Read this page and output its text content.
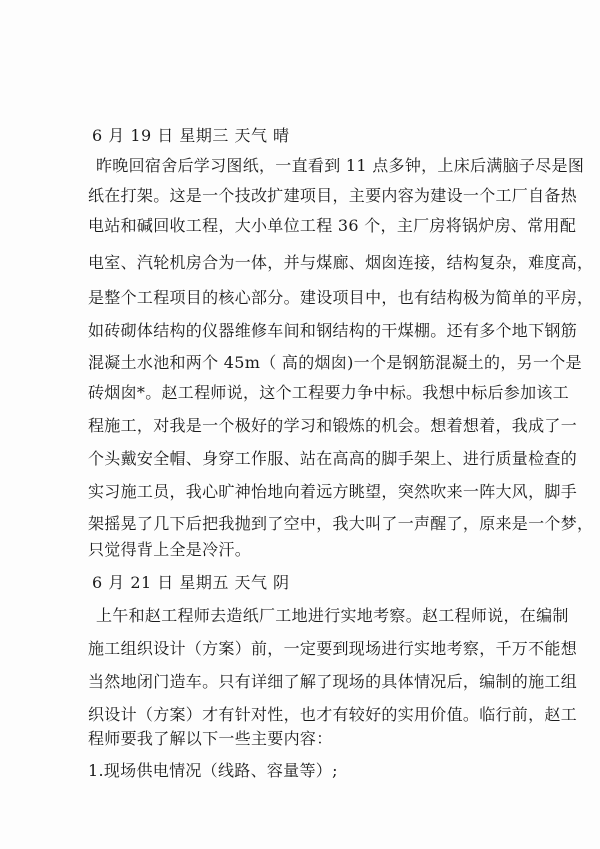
6 月 19 日 星期三 天气 晴
昨晚回宿舍后学习图纸，一直看到 11 点多钟，上床后满脑子尽是图
纸在打架。这是一个技改扩建项目，主要内容为建设一个工厂自备热
电站和碱回收工程，大小单位工程 36 个，主厂房将锅炉房、常用配
电室、汽轮机房合为一体，并与煤廊、烟囱连接，结构复杂，难度高，
是整个工程项目的核心部分。建设项目中，也有结构极为简单的平房，
如砖砌体结构的仪器维修车间和钢结构的干煤棚。还有多个地下钢筋
混凝土水池和两个 45m（ 高的烟囱)一个是钢筋混凝土的，另一个是
砖烟囱*。赵工程师说，这个工程要力争中标。我想中标后参加该工
程施工，对我是一个极好的学习和锻炼的机会。想着想着，我成了一
个头戴安全帽、身穿工作服、站在高高的脚手架上、进行质量检查的
实习施工员，我心旷神怡地向着远方眺望，突然吹来一阵大风，脚手
架摇晃了几下后把我抛到了空中，我大叫了一声醒了，原来是一个梦，
只觉得背上全是冷汗。
6 月 21 日 星期五 天气 阴
上午和赵工程师去造纸厂工地进行实地考察。赵工程师说，在编制
施工组织设计（方案）前，一定要到现场进行实地考察，千万不能想
当然地闭门造车。只有详细了解了现场的具体情况后，编制的施工组
织设计（方案）才有针对性，也才有较好的实用价值。临行前，赵工
程师要我了解以下一些主要内容：
1.现场供电情况（线路、容量等）;
